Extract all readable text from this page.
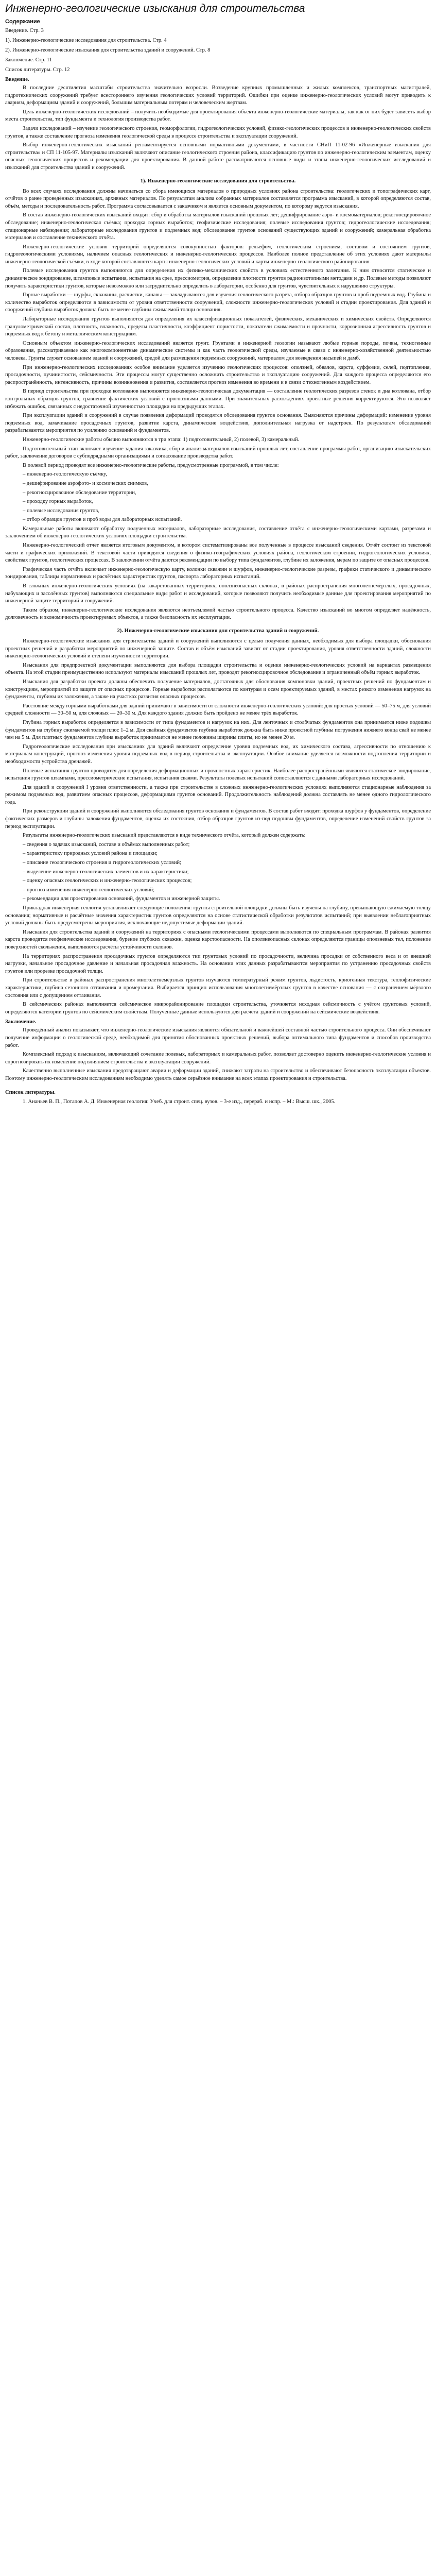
Инженерно-геологические изыскания для строительства
Содержание
Введение. Стр. 3
1). Инженерно-геологические исследования для строительства. Стр. 4
2). Инженерно-геологические изыскания для строительства зданий и сооружений. Стр. 8
Заключение. Стр. 11
Список литературы. Стр. 12
Введение.

В последние десятилетия масштабы строительства значительно возросли. Возведение крупных промышленных и жилых комплексов, транспортных магистралей, гидротехнических сооружений требует всестороннего изучения геологических условий территорий. Ошибки при оценке инженерно-геологических условий могут приводить к авариям, деформациям зданий и сооружений, большим материальным потерям и человеческим жертвам.

Цель инженерно-геологических исследований – получить необходимые для проектирования объекта инженерно-геологические материалы, так как от них будет зависеть выбор места строительства, тип фундамента и технология производства работ.

Задачи исследований – изучение геологического строения, геоморфологии, гидрогеологических условий, физико-геологических процессов и инженерно-геологических свойств грунтов, а также составление прогноза изменения геологической среды в процессе строительства и эксплуатации сооружений.

Выбор инженерно-геологических изысканий регламентируется основными нормативными документами, в частности СНиП 11-02-96 «Инженерные изыскания для строительства» и СП 11-105-97. Материалы изысканий включают описание геологического строения района, классификацию грунтов по инженерно-геологическим элементам, оценку опасных геологических процессов и рекомендации для проектирования. В данной работе рассматриваются основные виды и этапы инженерно-геологических исследований и изысканий для строительства зданий и сооружений.

1). Инженерно-геологические исследования для строительства.

Во всех случаях исследования должны начинаться со сбора имеющихся материалов о природных условиях района строительства: геологических и топографических карт, отчётов о ранее проведённых изысканиях, архивных материалов. По результатам анализа собранных материалов составляется программа изысканий, в которой определяются состав, объём, методы и последовательность работ. Программа согласовывается с заказчиком и является основным документом, по которому ведутся изыскания.

В состав инженерно-геологических изысканий входят: сбор и обработка материалов изысканий прошлых лет; дешифрирование аэро- и космоматериалов; рекогносцировочное обследование; инженерно-геологическая съёмка; проходка горных выработок; геофизические исследования; полевые исследования грунтов; гидрогеологические исследования; стационарные наблюдения; лабораторные исследования грунтов и подземных вод; обследование грунтов оснований существующих зданий и сооружений; камеральная обработка материалов и составление технического отчёта.

Инженерно-геологические условия территорий определяются совокупностью факторов: рельефом, геологическим строением, составом и состоянием грунтов, гидрогеологическими условиями, наличием опасных геологических и инженерно-геологических процессов. Наиболее полное представление об этих условиях дают материалы инженерно-геологической съёмки, в ходе которой составляются карты инженерно-геологических условий и карты инженерно-геологического районирования.

Полевые исследования грунтов выполняются для определения их физико-механических свойств в условиях естественного залегания. К ним относятся статическое и динамическое зондирование, штамповые испытания, испытания на срез, прессиометрия, определение плотности грунтов радиоизотопными методами и др. Полевые методы позволяют получить характеристики грунтов, которые невозможно или затруднительно определить в лаборатории, особенно для грунтов, чувствительных к нарушению структуры.

Горные выработки — шурфы, скважины, расчистки, канавы — закладываются для изучения геологического разреза, отбора образцов грунтов и проб подземных вод. Глубина и количество выработок определяются в зависимости от уровня ответственности сооружений, сложности инженерно-геологических условий и стадии проектирования. Для зданий и сооружений глубина выработок должна быть не менее глубины сжимаемой толщи основания.

Лабораторные исследования грунтов выполняются для определения их классификационных показателей, физических, механических и химических свойств. Определяются гранулометрический состав, плотность, влажность, пределы пластичности, коэффициент пористости, показатели сжимаемости и прочности, коррозионная агрессивность грунтов и подземных вод к бетону и металлическим конструкциям.

Основным объектом инженерно-геологических исследований является грунт. Грунтами в инженерной геологии называют любые горные породы, почвы, техногенные образования, рассматриваемые как многокомпонентные динамические системы и как часть геологической среды, изучаемые в связи с инженерно-хозяйственной деятельностью человека. Грунты служат основанием зданий и сооружений, средой для размещения подземных сооружений, материалом для возведения насыпей и дамб.

При инженерно-геологических исследованиях особое внимание уделяется изучению геологических процессов: оползней, обвалов, карста, суффозии, селей, подтопления, просадочности, пучинистости, сейсмичности. Эти процессы могут существенно осложнить строительство и эксплуатацию сооружений. Для каждого процесса определяются его распространённость, интенсивность, причины возникновения и развития, составляется прогноз изменения во времени и в связи с техногенным воздействием.

В период строительства при проходке котлованов выполняется инженерно-геологическая документация — составление геологических разрезов стенок и дна котлована, отбор контрольных образцов грунтов, сравнение фактических условий с прогнозными данными. При значительных расхождениях проектные решения корректируются. Это позволяет избежать ошибок, связанных с недостаточной изученностью площадки на предыдущих этапах.

При эксплуатации зданий и сооружений в случае появления деформаций проводятся обследования грунтов основания. Выясняются причины деформаций: изменение уровня подземных вод, замачивание просадочных грунтов, развитие карста, динамические воздействия, дополнительная нагрузка от надстроек. По результатам обследований разрабатываются мероприятия по усилению оснований и фундаментов.

Инженерно-геологические работы обычно выполняются в три этапа: 1) подготовительный, 2) полевой, 3) камеральный.

Подготовительный этап включает изучение задания заказчика, сбор и анализ материалов изысканий прошлых лет, составление программы работ, организацию изыскательских работ, заключение договоров с субподрядными организациями и согласование производства работ.

В полевой период проводят все инженерно-геологические работы, предусмотренные программой, в том числе:

– инженерно-геологическую съёмку,

– дешифрирование аэрофото- и космических снимков,

– рекогносцировочное обследование территории,

– проходку горных выработок,

– полевые исследования грунтов,

– отбор образцов грунтов и проб воды для лабораторных испытаний.

Камеральные работы включают обработку полученных материалов, лабораторные исследования, составление отчёта с инженерно-геологическими картами, разрезами и заключением об инженерно-геологических условиях площадки строительства.

Инженерно-геологический отчёт является итоговым документом, в котором систематизированы все полученные в процессе изысканий сведения. Отчёт состоит из текстовой части и графических приложений. В текстовой части приводятся сведения о физико-географических условиях района, геологическом строении, гидрогеологических условиях, свойствах грунтов, геологических процессах. В заключении отчёта даются рекомендации по выбору типа фундаментов, глубине их заложения, мерам по защите от опасных процессов.

Графическая часть отчёта включает инженерно-геологическую карту, колонки скважин и шурфов, инженерно-геологические разрезы, графики статического и динамического зондирования, таблицы нормативных и расчётных характеристик грунтов, паспорта лабораторных испытаний.

В сложных инженерно-геологических условиях (на закарстованных территориях, оползнеопасных склонах, в районах распространения многолетнемёрзлых, просадочных, набухающих и засолённых грунтов) выполняются специальные виды работ и исследований, которые позволяют получить необходимые данные для проектирования мероприятий по инженерной защите территорий и сооружений.

Таким образом, инженерно-геологические исследования являются неотъемлемой частью строительного процесса. Качество изысканий во многом определяет надёжность, долговечность и экономичность проектируемых объектов, а также безопасность их эксплуатации.

2). Инженерно-геологические изыскания для строительства зданий и сооружений.

Инженерно-геологические изыскания для строительства зданий и сооружений выполняются с целью получения данных, необходимых для выбора площадки, обоснования проектных решений и разработки мероприятий по инженерной защите. Состав и объём изысканий зависят от стадии проектирования, уровня ответственности зданий, сложности инженерно-геологических условий и степени изученности территории.

Изыскания для предпроектной документации выполняются для выбора площадки строительства и оценки инженерно-геологических условий на вариантах размещения объекта. На этой стадии преимущественно используют материалы изысканий прошлых лет, проводят рекогносцировочное обследование и ограниченный объём горных выработок.

Изыскания для разработки проекта должны обеспечить получение материалов, достаточных для обоснования компоновки зданий, проектных решений по фундаментам и конструкциям, мероприятий по защите от опасных процессов. Горные выработки располагаются по контурам и осям проектируемых зданий, в местах резкого изменения нагрузок на фундаменты, глубины их заложения, а также на участках развития опасных процессов.

Расстояние между горными выработками для зданий принимают в зависимости от сложности инженерно-геологических условий: для простых условий — 50–75 м, для условий средней сложности — 30–50 м, для сложных — 20–30 м. Для каждого здания должно быть пройдено не менее трёх выработок.

Глубина горных выработок определяется в зависимости от типа фундаментов и нагрузок на них. Для ленточных и столбчатых фундаментов она принимается ниже подошвы фундаментов на глубину сжимаемой толщи плюс 1–2 м. Для свайных фундаментов глубина выработок должна быть ниже проектной глубины погружения нижнего конца свай не менее чем на 5 м. Для плитных фундаментов глубина выработок принимается не менее половины ширины плиты, но не менее 20 м.

Гидрогеологические исследования при изысканиях для зданий включают определение уровня подземных вод, их химического состава, агрессивности по отношению к материалам конструкций, прогноз изменения уровня подземных вод в период строительства и эксплуатации. Особое внимание уделяется возможности подтопления территории и необходимости устройства дренажей.

Полевые испытания грунтов проводятся для определения деформационных и прочностных характеристик. Наиболее распространёнными являются статическое зондирование, испытания грунтов штампами, прессиометрические испытания, испытания сваями. Результаты полевых испытаний сопоставляются с данными лабораторных исследований.

Для зданий и сооружений I уровня ответственности, а также при строительстве в сложных инженерно-геологических условиях выполняются стационарные наблюдения за режимом подземных вод, развитием опасных процессов, деформациями грунтов оснований. Продолжительность наблюдений должна составлять не менее одного гидрологического года.

При реконструкции зданий и сооружений выполняются обследования грунтов основания и фундаментов. В состав работ входят: проходка шурфов у фундаментов, определение фактических размеров и глубины заложения фундаментов, оценка их состояния, отбор образцов грунтов из-под подошвы фундаментов, определение изменений свойств грунтов за период эксплуатации.

Результаты инженерно-геологических изысканий представляются в виде технического отчёта, который должен содержать:

– сведения о задачах изысканий, составе и объёмах выполненных работ;

– характеристику природных условий района и площадки;

– описание геологического строения и гидрогеологических условий;

– выделение инженерно-геологических элементов и их характеристики;

– оценку опасных геологических и инженерно-геологических процессов;

– прогноз изменения инженерно-геологических условий;

– рекомендации для проектирования оснований, фундаментов и инженерной защиты.

Прикладная инженерная геология устанавливает следующие положения: грунты строительной площадки должны быть изучены на глубину, превышающую сжимаемую толщу основания; нормативные и расчётные значения характеристик грунтов определяются на основе статистической обработки результатов испытаний; при выявлении неблагоприятных условий должны быть предусмотрены мероприятия, исключающие недопустимые деформации зданий.

Изыскания для строительства зданий и сооружений на территориях с опасными геологическими процессами выполняются по специальным программам. В районах развития карста проводятся геофизические исследования, бурение глубоких скважин, оценка карстоопасности. На оползнеопасных склонах определяются границы оползневых тел, положение поверхностей скольжения, выполняются расчёты устойчивости склонов.

На территориях распространения просадочных грунтов определяются тип грунтовых условий по просадочности, величина просадки от собственного веса и от внешней нагрузки, начальное просадочное давление и начальная просадочная влажность. На основании этих данных разрабатываются мероприятия по устранению просадочных свойств грунтов или прорезке просадочной толщи.

При строительстве в районах распространения многолетнемёрзлых грунтов изучаются температурный режим грунтов, льдистость, криогенная текстура, теплофизические характеристики, глубина сезонного оттаивания и промерзания. Выбирается принцип использования многолетнемёрзлых грунтов в качестве основания — с сохранением мёрзлого состояния или с допущением оттаивания.

В сейсмических районах выполняется сейсмическое микрорайонирование площадки строительства, уточняется исходная сейсмичность с учётом грунтовых условий, определяются категории грунтов по сейсмическим свойствам. Полученные данные используются для расчёта зданий и сооружений на сейсмические воздействия.

Заключение.

Проведённый анализ показывает, что инженерно-геологические изыскания являются обязательной и важнейшей составной частью строительного процесса. Они обеспечивают получение информации о геологической среде, необходимой для принятия обоснованных проектных решений, выбора оптимального типа фундаментов и способов производства работ.

Комплексный подход к изысканиям, включающий сочетание полевых, лабораторных и камеральных работ, позволяет достоверно оценить инженерно-геологические условия и спрогнозировать их изменение под влиянием строительства и эксплуатации сооружений.

Качественно выполненные изыскания предотвращают аварии и деформации зданий, снижают затраты на строительство и обеспечивают безопасность эксплуатации объектов. Поэтому инженерно-геологическим исследованиям необходимо уделять самое серьёзное внимание на всех этапах проектирования и строительства.

Список литературы.

1. Ананьев В. П., Потапов А. Д. Инженерная геология: Учеб. для строит. спец. вузов. – 3-е изд., перераб. и испр. – М.: Высш. шк., 2005.
